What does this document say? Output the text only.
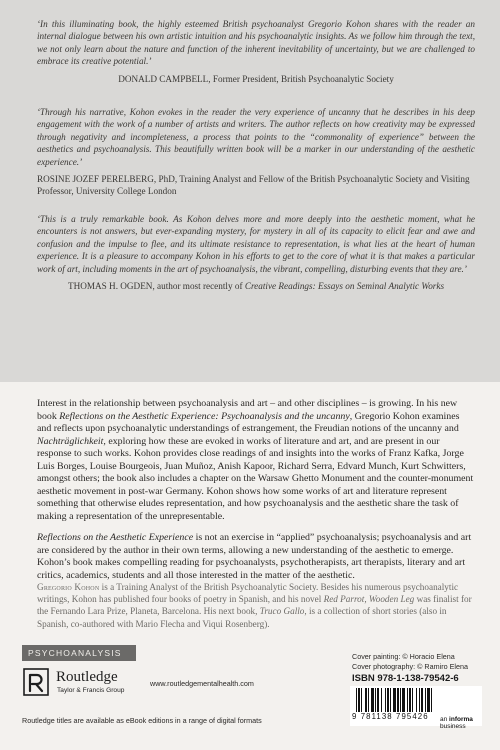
‘In this illuminating book, the highly esteemed British psychoanalyst Gregorio Kohon shares with the reader an internal dialogue between his own artistic intuition and his psychoanalytic insights. As we follow him through the text, we not only learn about the nature and function of the inherent inevitability of uncertainty, but we are challenged to embrace its creative potential.’

DONALD CAMPBELL, Former President, British Psychoanalytic Society

‘Through his narrative, Kohon evokes in the reader the very experience of uncanny that he describes in his deep engagement with the work of a number of artists and writers. The author reflects on how creativity may be expressed through negativity and incompleteness, a process that points to the “commonality of experience” between the aesthetics and psychoanalysis. This beautifully written book will be a marker in our understanding of the aesthetic experience.’

ROSINE JOZEF PERELBERG, PhD, Training Analyst and Fellow of the British Psychoanalytic Society and Visiting Professor, University College London

‘This is a truly remarkable book. As Kohon delves more and more deeply into the aesthetic moment, what he encounters is not answers, but ever-expanding mystery, for mystery in all of its capacity to elicit fear and awe and confusion and the impulse to flee, and its ultimate resistance to representation, is what lies at the heart of human experience. It is a pleasure to accompany Kohon in his efforts to get to the core of what it is that makes a particular work of art, including moments in the art of psychoanalysis, the vibrant, compelling, disturbing events that they are.’

THOMAS H. OGDEN, author most recently of Creative Readings: Essays on Seminal Analytic Works

Interest in the relationship between psychoanalysis and art – and other disciplines – is growing. In his new book Reflections on the Aesthetic Experience: Psychoanalysis and the uncanny, Gregorio Kohon examines and reflects upon psychoanalytic understandings of estrangement, the Freudian notions of the uncanny and Nachträglichkeit, exploring how these are evoked in works of literature and art, and are present in our response to such works. Kohon provides close readings of and insights into the works of Franz Kafka, Jorge Luis Borges, Louise Bourgeois, Juan Muñoz, Anish Kapoor, Richard Serra, Edvard Munch, Kurt Schwitters, amongst others; the book also includes a chapter on the Warsaw Ghetto Monument and the counter-monument aesthetic movement in post-war Germany. Kohon shows how some works of art and literature represent something that otherwise eludes representation, and how psychoanalysis and the aesthetic share the task of making a representation of the unrepresentable.

Reflections on the Aesthetic Experience is not an exercise in “applied” psychoanalysis; psychoanalysis and art are considered by the author in their own terms, allowing a new understanding of the aesthetic to emerge. Kohon’s book makes compelling reading for psychoanalysts, psychotherapists, art therapists, literary and art critics, academics, students and all those interested in the matter of the aesthetic.

Gregorio Kohon is a Training Analyst of the British Psychoanalytic Society. Besides his numerous psychoanalytic writings, Kohon has published four books of poetry in Spanish, and his novel Red Parrot, Wooden Leg was finalist for the Fernando Lara Prize, Planeta, Barcelona. His next book, Truco Gallo, is a collection of short stories (also in Spanish, co-authored with Mario Flecha and Viqui Rosenberg).
PSYCHOANALYSIS
Routledge
Taylor & Francis Group
www.routledgementalhealth.com
Routledge titles are available as eBook editions in a range of digital formats
Cover painting: © Horacio Elena
Cover photography: © Ramiro Elena
ISBN 978-1-138-79542-6
9 781138 795426	an informa business
